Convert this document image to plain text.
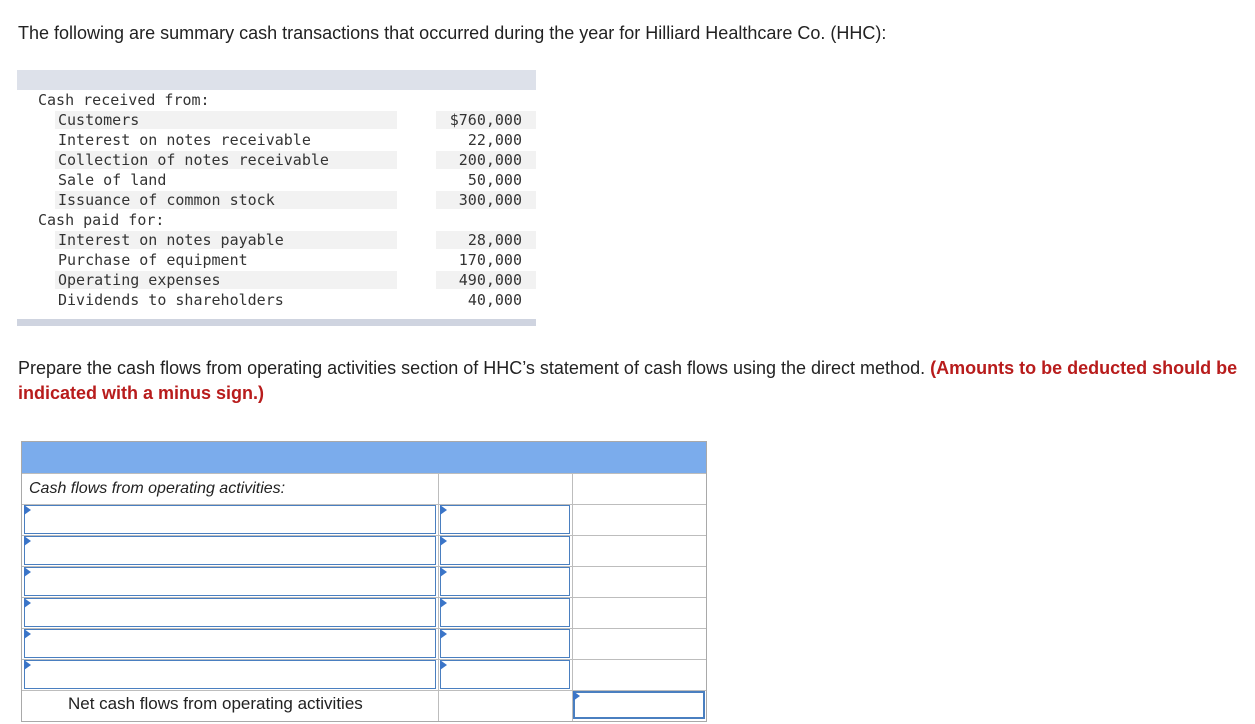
The following are summary cash transactions that occurred during the year for Hilliard Healthcare Co. (HHC):
Cash received from:
Customers	$760,000
Interest on notes receivable	22,000
Collection of notes receivable	200,000
Sale of land	50,000
Issuance of common stock	300,000
Cash paid for:
Interest on notes payable	28,000
Purchase of equipment	170,000
Operating expenses	490,000
Dividends to shareholders	40,000
Prepare the cash flows from operating activities section of HHC’s statement of cash flows using the direct method. (Amounts to be deducted should be indicated with a minus sign.)
Cash flows from operating activities:
Net cash flows from operating activities
